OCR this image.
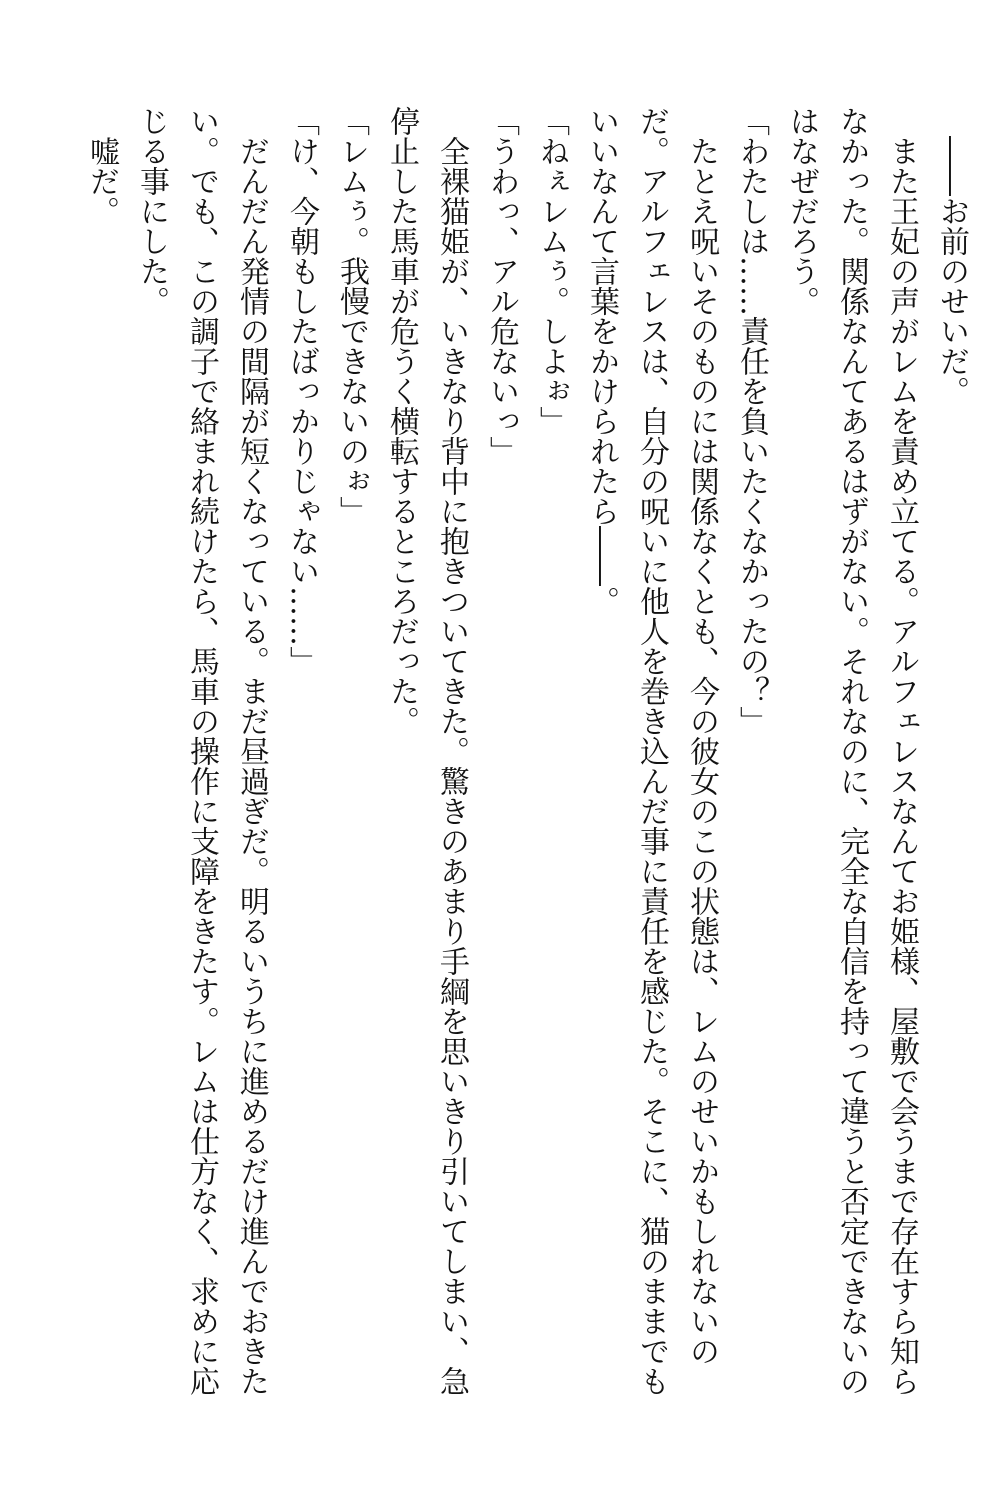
　――お前のせいだ。

　また王妃の声がレムを責め立てる。アルフェレスなんてお姫様、屋敷で会うまで存在すら知ら

なかった。関係なんてあるはずがない。それなのに、完全な自信を持って違うと否定できないの

はなぜだろう。

「わたしは……責任を負いたくなかったの？」

　たとえ呪いそのものには関係なくとも、今の彼女のこの状態は、レムのせいかもしれないの

だ。アルフェレスは、自分の呪いに他人を巻き込んだ事に責任を感じた。そこに、猫のままでも

いいなんて言葉をかけられたら――。

「ねぇレムぅ。しよぉ」

「うわっ、アル危ないっ」

　全裸猫姫が、いきなり背中に抱きついてきた。驚きのあまり手綱を思いきり引いてしまい、急

停止した馬車が危うく横転するところだった。

「レムぅ。我慢できないのぉ」

「け、今朝もしたばっかりじゃない……」

　だんだん発情の間隔が短くなっている。まだ昼過ぎだ。明るいうちに進めるだけ進んでおきた

い。でも、この調子で絡まれ続けたら、馬車の操作に支障をきたす。レムは仕方なく、求めに応

じる事にした。

　嘘だ。
